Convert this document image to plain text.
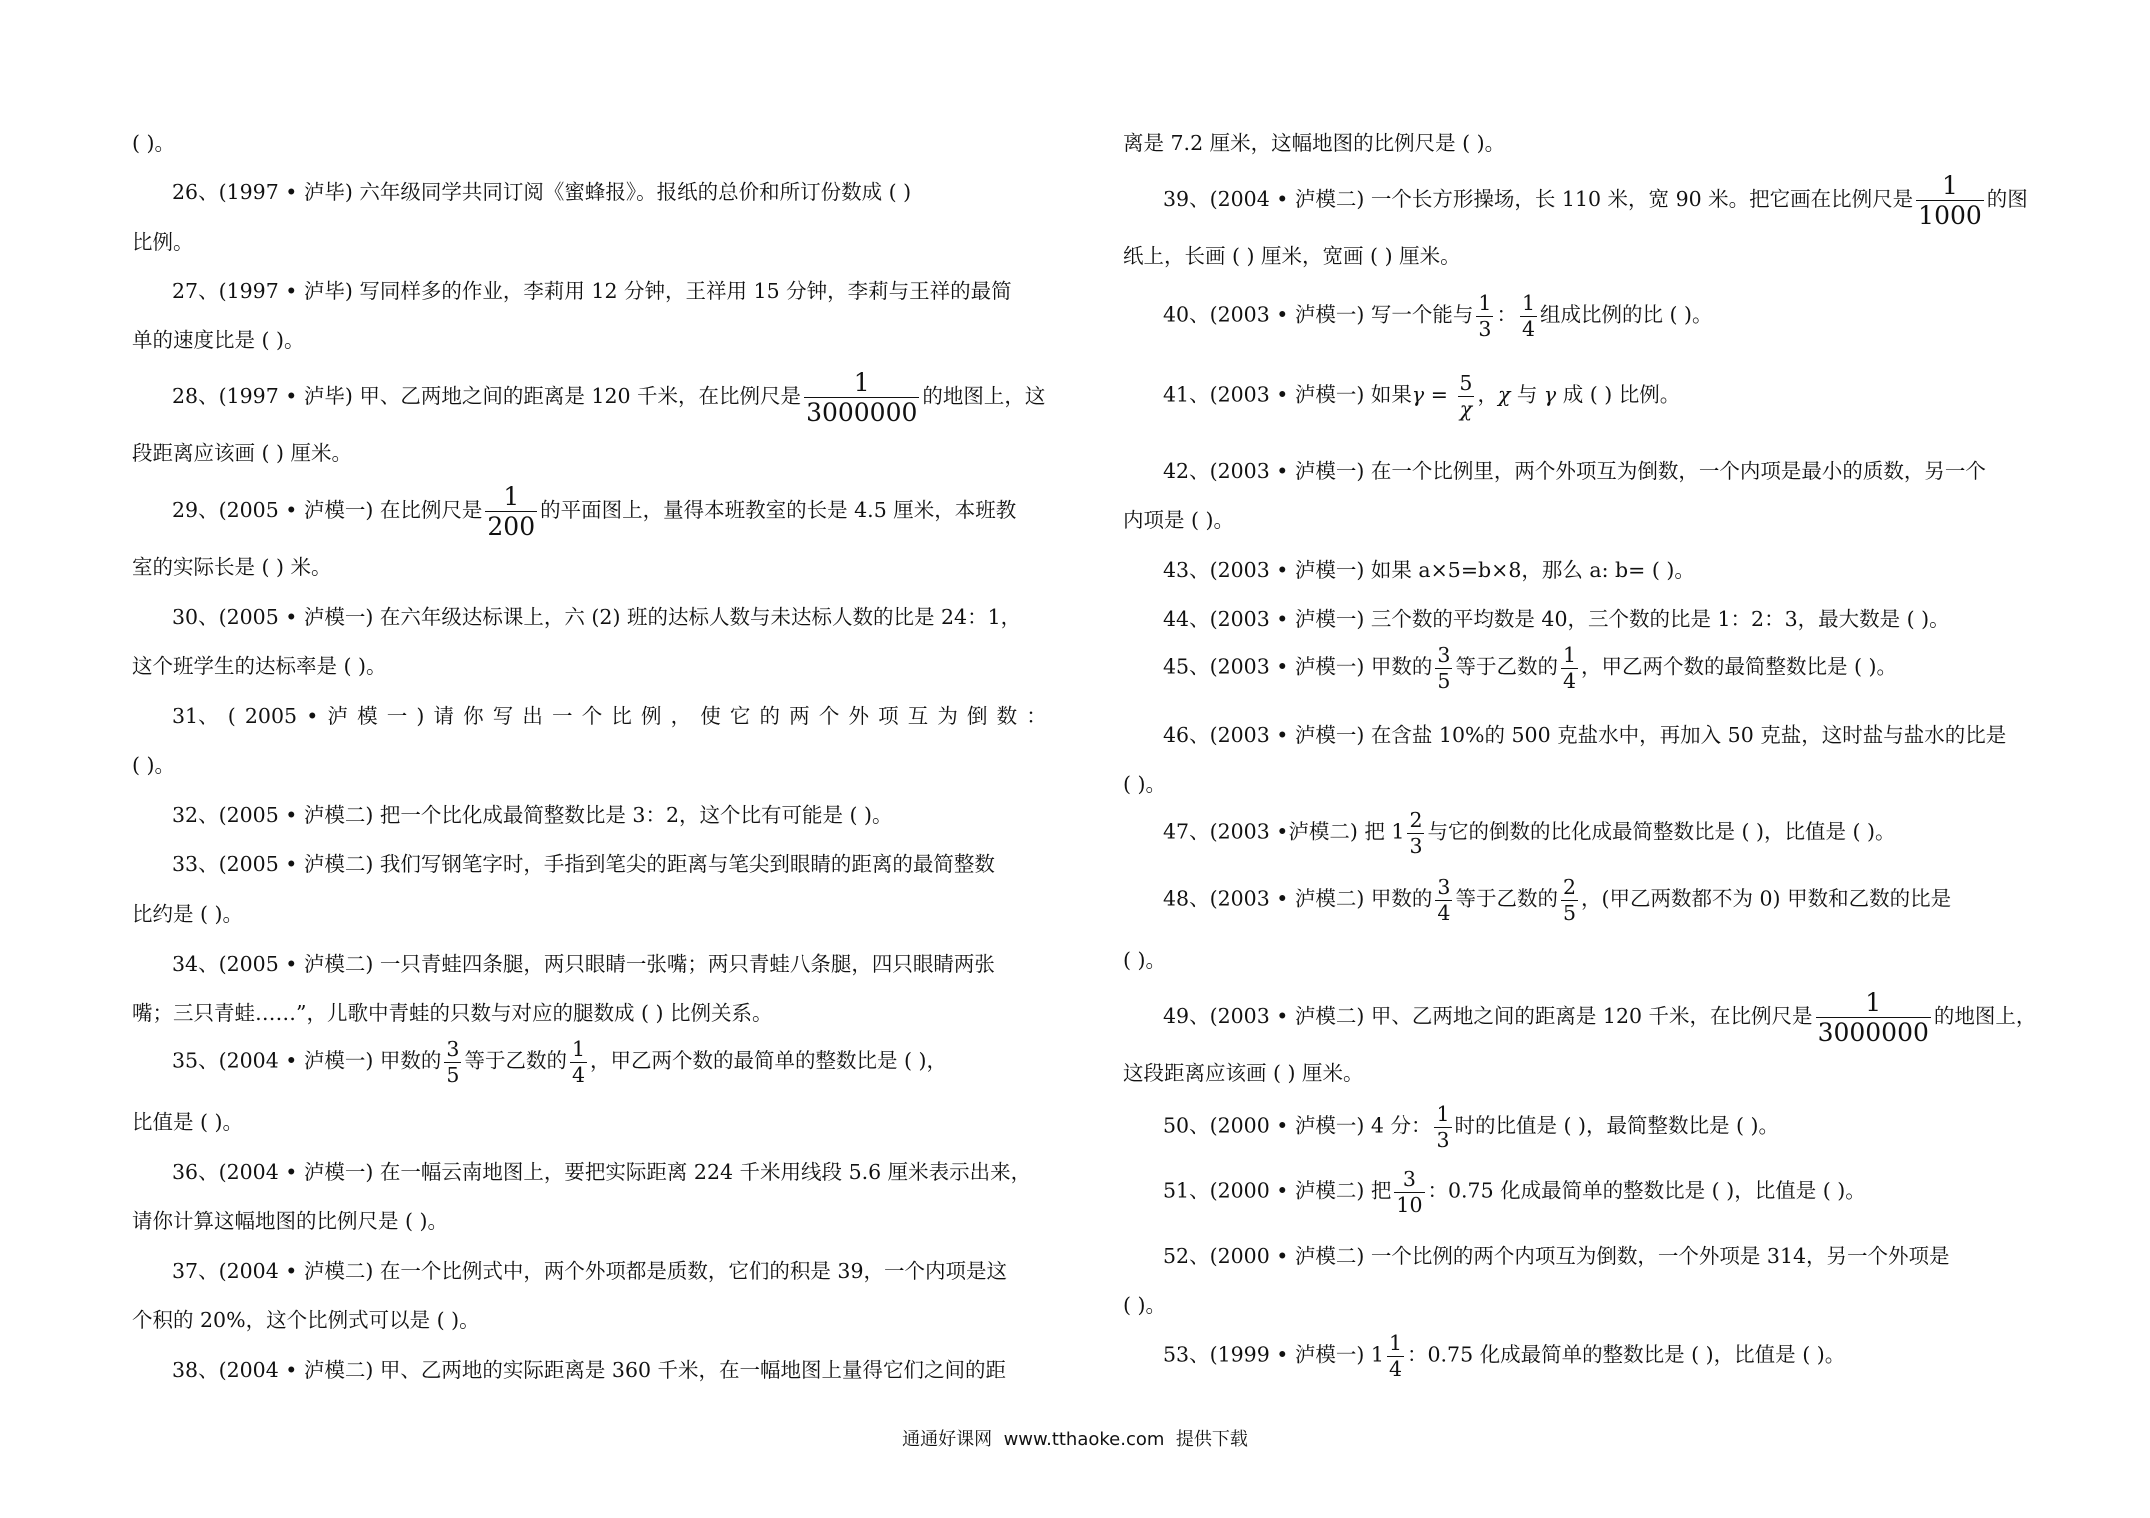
( )。
26、(1997 • 泸毕) 六年级同学共同订阅《蜜蜂报》。报纸的总价和所订份数成 ( )
比例。
27、(1997 • 泸毕) 写同样多的作业，李莉用 12 分钟，王祥用 15 分钟，李莉与王祥的最简
单的速度比是 ( )。
28、(1997 • 泸毕) 甲、乙两地之间的距离是 120 千米，在比例尺是 $\frac{1}{3000000}$ 的地图上，这
段距离应该画 ( ) 厘米。
29、(2005 • 泸模一) 在比例尺是 $\frac{1}{200}$ 的平面图上，量得本班教室的长是 4.5 厘米，本班教
室的实际长是 ( ) 米。
30、(2005 • 泸模一) 在六年级达标课上，六 (2) 班的达标人数与未达标人数的比是 24：1，
这个班学生的达标率是 ( )。
31、 ( 2005 • 泸 模 一 ) 请 你 写 出 一 个 比 例 ， 使 它 的 两 个 外 项 互 为 倒 数 ：
( )。
32、(2005 • 泸模二) 把一个比化成最简整数比是 3：2，这个比有可能是 ( )。
33、(2005 • 泸模二) 我们写钢笔字时，手指到笔尖的距离与笔尖到眼睛的距离的最简整数
比约是 ( )。
34、(2005 • 泸模二) 一只青蛙四条腿，两只眼睛一张嘴；两只青蛙八条腿，四只眼睛两张
嘴；三只青蛙……”，儿歌中青蛙的只数与对应的腿数成 ( ) 比例关系。
35、(2004 • 泸模一) 甲数的 $\frac{3}{5}$ 等于乙数的 $\frac{1}{4}$ ，甲乙两个数的最简单的整数比是 ( )，
比值是 ( )。
36、(2004 • 泸模一) 在一幅云南地图上，要把实际距离 224 千米用线段 5.6 厘米表示出来，
请你计算这幅地图的比例尺是 ( )。
37、(2004 • 泸模二) 在一个比例式中，两个外项都是质数，它们的积是 39，一个内项是这
个积的 20%，这个比例式可以是 ( )。
38、(2004 • 泸模二) 甲、乙两地的实际距离是 360 千米，在一幅地图上量得它们之间的距
离是 7.2 厘米，这幅地图的比例尺是 ( )。
39、(2004 • 泸模二) 一个长方形操场，长 110 米，宽 90 米。把它画在比例尺是 $\frac{1}{1000}$ 的图
纸上，长画 ( ) 厘米，宽画 ( ) 厘米。
40、(2003 • 泸模一) 写一个能与 $\frac{1}{3}$ ： $\frac{1}{4}$ 组成比例的比 ( )。
41、(2003 • 泸模一) 如果$\gamma = \frac{5}{\chi}$ ，χ 与 γ 成 ( ) 比例。
42、(2003 • 泸模一) 在一个比例里，两个外项互为倒数，一个内项是最小的质数，另一个
内项是 ( )。
43、(2003 • 泸模一) 如果 a×5=b×8，那么 a: b= ( )。
44、(2003 • 泸模一) 三个数的平均数是 40，三个数的比是 1：2：3，最大数是 ( )。
45、(2003 • 泸模一) 甲数的 $\frac{3}{5}$ 等于乙数的 $\frac{1}{4}$ ，甲乙两个数的最简整数比是 ( )。
46、(2003 • 泸模一) 在含盐 10%的 500 克盐水中，再加入 50 克盐，这时盐与盐水的比是
( )。
47、(2003 •泸模二) 把 $1 \frac{2}{3}$ 与它的倒数的比化成最简整数比是 ( )，比值是 ( )。
48、(2003 • 泸模二) 甲数的 $\frac{3}{4}$ 等于乙数的 $\frac{2}{5}$ ，(甲乙两数都不为 0) 甲数和乙数的比是
( )。
49、(2003 • 泸模二) 甲、乙两地之间的距离是 120 千米，在比例尺是 $\frac{1}{3000000}$ 的地图上，
这段距离应该画 ( ) 厘米。
50、(2000 • 泸模一) 4 分： $\frac{1}{3}$ 时的比值是 ( )，最简整数比是 ( )。
51、(2000 • 泸模二) 把 $\frac{3}{10}$ ：0.75 化成最简单的整数比是 ( )，比值是 ( )。
52、(2000 • 泸模二) 一个比例的两个内项互为倒数，一个外项是 314，另一个外项是
( )。
53、(1999 • 泸模一) $1 \frac{1}{4}$ ：0.75 化成最简单的整数比是 ( )，比值是 ( )。
通通好课网  www.tthaoke.com  提供下载
